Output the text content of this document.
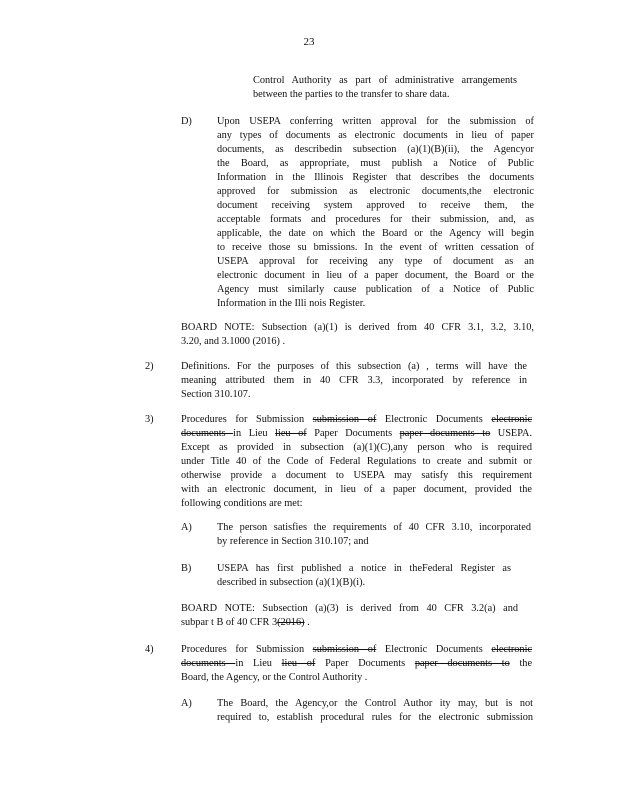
23
Control Authority as part of administrative arrangements
between the parties to the transfer to share data.
D) Upon USEPA conferring written approval for the submission of
any types of documents as electronic documents in lieu of paper
documents, as describedin subsection (a)(1)(B)(ii), the Agencyor
the Board, as appropriate, must publish a Notice of Public
Information in the Illinois Register that describes the documents
approved for submission as electronic documents,the electronic
document receiving system approved to receive them, the
acceptable formats and procedures for their submission, and, as
applicable, the date on which the Board or the Agency will begin
to receive those su bmissions. In the event of written cessation of
USEPA approval for receiving any type of document as an
electronic document in lieu of a paper document, the Board or the
Agency must similarly cause publication of a Notice of Public
Information in the Illi nois Register.
BOARD NOTE: Subsection (a)(1) is derived from 40 CFR 3.1, 3.2, 3.10,
3.20, and 3.1000 (2016) .
2)	Definitions. For the purposes of this subsection (a) , terms will have the
meaning attributed them in 40 CFR 3.3, incorporated by reference in
Section 310.107.
3)	Procedures for Submission submission of Electronic Documents electronic
documents in Lieu lieu of Paper Documents paper documents to USEPA.
Except as provided in subsection (a)(1)(C),any person who is required
under Title 40 of the Code of Federal Regulations to create and submit or
otherwise provide a document to USEPA may satisfy this requirement
with an electronic document, in lieu of a paper document, provided the
following conditions are met:
A) The person satisfies the requirements of 40 CFR 3.10, incorporated
by reference in Section 310.107; and
B) USEPA has first published a notice in theFederal Register as
described in subsection (a)(1)(B)(i).
BOARD NOTE: Subsection (a)(3) is derived from 40 CFR 3.2(a) and
subpar t B of 40 CFR 3(2016) .
4)	Procedures for Submission submission of Electronic Documents electronic
documents in Lieu lieu of Paper Documents paper documents to the
Board, the Agency, or the Control Authority .
A) The Board, the Agency,or the Control Author ity may, but is not
required to, establish procedural rules for the electronic submission
